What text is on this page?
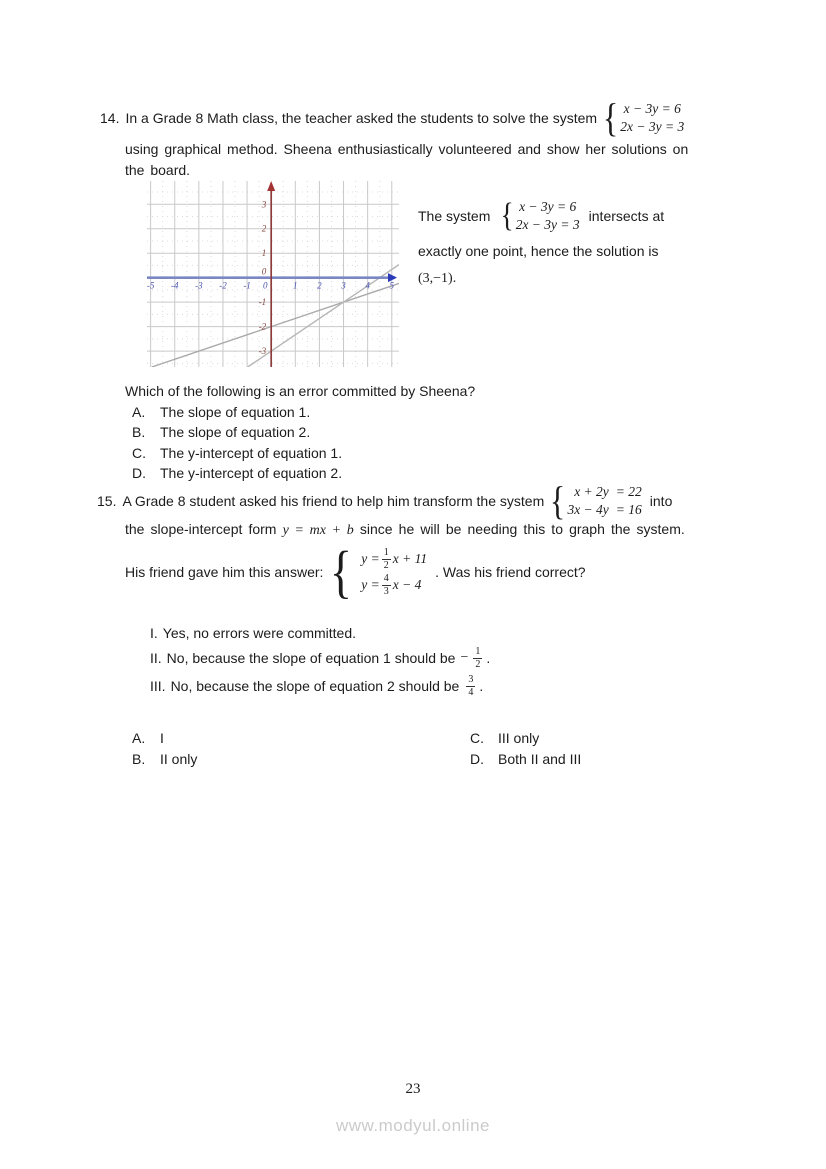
14. In a Grade 8 Math class, the teacher asked the students to solve the system { x − 3y = 6
2x − 3y = 3
using graphical method. Sheena enthusiastically volunteered and show her solutions on
the board.
-5 -4 -3 -2 -1 0	1 2 3 4 5
-3
-2
-1
0
1
2
3
The system { x − 3y = 6
2x − 3y = 3
intersects at
exactly one point, hence the solution is
(3,−1).
Which of the following is an error committed by Sheena?
A.	The slope of equation 1.
B.	The slope of equation 2.
C.	The y-intercept of equation 1.
D.	The y-intercept of equation 2.
15. A Grade 8 student asked his friend to help him transform the system { x + 2y = 22
3x − 4y = 16
into
the slope-intercept form y = mx + b since he will be needing this to graph the system.
His friend gave him this answer: { $y = \frac{1}{2}$ x + 11
$y = \frac{4}{3}$ x − 4
. Was his friend correct?
I. Yes, no errors were committed.
II. No, because the slope of equation 1 should be − $\frac{1}{2}$ .
III. No, because the slope of equation 2 should be $\frac{3}{4}$ .
A.	I
B.	II only
C.	III only
D.	Both II and III
23
www.modyul.online
